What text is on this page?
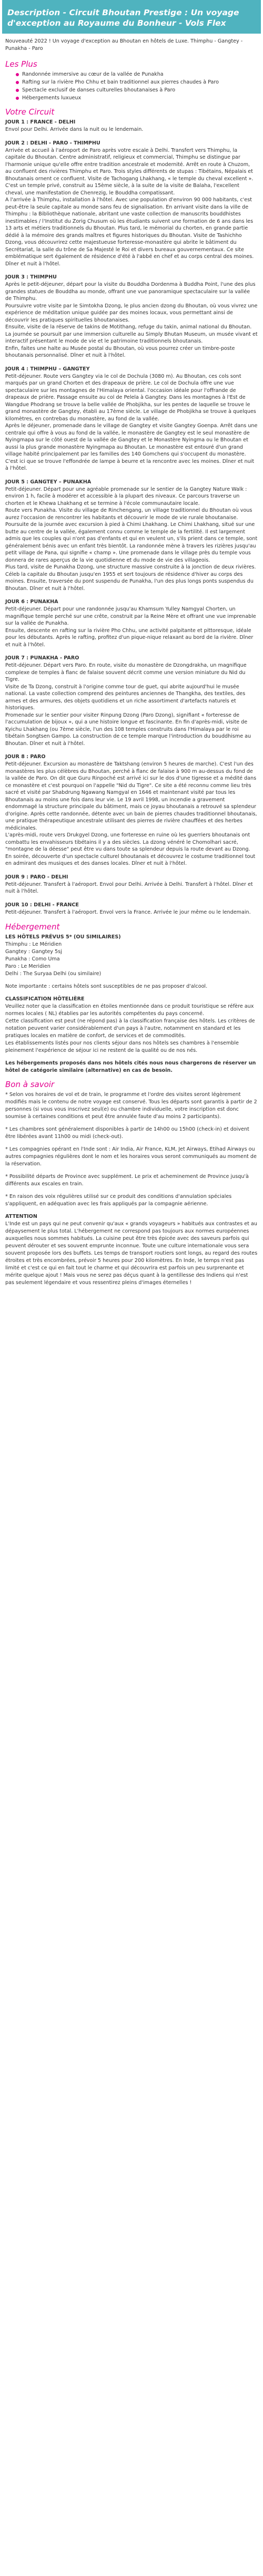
Description - Circuit Bhoutan Prestige : Un voyage d'exception au Royaume du Bonheur - Vols Flex
Nouveauté 2022 ! Un voyage d'exception au Bhoutan en hôtels de Luxe. Thimphu - Gangtey - Punakha - Paro
Les Plus
Randonnée immersive au cœur de la vallée de Punakha
Rafting sur la rivière Pho Chhu et bain traditionnel aux pierres chaudes à Paro
Spectacle exclusif de danses culturelles bhoutanaises à Paro
Hébergements luxueux
Votre Circuit
JOUR 1 : FRANCE - DELHI
Envol pour Delhi. Arrivée dans la nuit ou le lendemain.
JOUR 2 : DELHI - PARO - THIMPHU
Arrivée et accueil à l'aéroport de Paro après votre escale à Delhi. Transfert vers Thimphu, la capitale du Bhoutan. Centre administratif, religieux et commercial, Thimphu se distingue par l'harmonie unique qu'elle offre entre tradition ancestrale et modernité. Arrêt en route à Chuzom, au confluent des rivières Thimphu et Paro. Trois styles différents de stupas : Tibétains, Népalais et Bhoutanais ornent ce confluent. Visite de Tachogang Lhakhang, « le temple du cheval excellent ». C'est un temple privé, construit au 15ème siècle, à la suite de la visite de Balaha, l'excellent cheval, une manifestation de Chenrezig, le Bouddha compatissant.
A l'arrivée à Thimphu, installation à l'hôtel. Avec une population d'environ 90 000 habitants, c'est peut-être la seule capitale au monde sans feu de signalisation. En arrivant visite dans la ville de Thimphu : la Bibliothèque nationale, abritant une vaste collection de manuscrits bouddhistes inestimables / l'Institut du Zorig Chusum où les étudiants suivent une formation de 6 ans dans les 13 arts et métiers traditionnels du Bhoutan. Plus tard, le mémorial du chorten, en grande partie dédié à la mémoire des grands maîtres et figures historiques du Bhoutan. Visite de Tashichho Dzong, vous découvrirez cette majestueuse forteresse-monastère qui abrite le bâtiment du Secrétariat, la salle du trône de Sa Majesté le Roi et divers bureaux gouvernementaux. Ce site emblématique sert également de résidence d'été à l'abbé en chef et au corps central des moines. Dîner et nuit à l'hôtel.
JOUR 3 : THIMPHU
Après le petit-déjeuner, départ pour la visite du Bouddha Dordenma à Buddha Point, l'une des plus grandes statues de Bouddha au monde, offrant une vue panoramique spectaculaire sur la vallée de Thimphu.
Poursuivre votre visite par le Simtokha Dzong, le plus ancien dzong du Bhoutan, où vous vivrez une expérience de méditation unique guidée par des moines locaux, vous permettant ainsi de découvrir les pratiques spirituelles bhoutanaises.
Ensuite, visite de la réserve de takins de Motithang, refuge du takin, animal national du Bhoutan. La journée se poursuit par une immersion culturelle au Simply Bhutan Museum, un musée vivant et interactif présentant le mode de vie et le patrimoine traditionnels bhoutanais.
Enfin, faites une halte au Musée postal du Bhoutan, où vous pourrez créer un timbre-poste bhoutanais personnalisé. Dîner et nuit à l'hôtel.
JOUR 4 : THIMPHU – GANGTEY
Petit-déjeuner. Route vers Gangtey via le col de Dochula (3080 m). Au Bhoutan, ces cols sont marqués par un grand Chorten et des drapeaux de prière. Le col de Dochula offre une vue spectaculaire sur les montagnes de l'Himalaya oriental. l'occasion idéale pour l'offrande de drapeaux de prière. Passage ensuite au col de Pelela à Gangtey. Dans les montagnes à l'Est de Wangdue Phodrang se trouve la belle vallée de Phobjikha, sur les pentes de laquelle se trouve le grand monastère de Gangtey, établi au 17ème siècle. Le village de Phobjikha se trouve à quelques kilomètres, en contrebas du monastère, au fond de la vallée.
Après le déjeuner, promenade dans le village de Gangtey et visite Gangtey Goenpa. Arrêt dans une centrale qui offre à vous au fond de la vallée, le monastère de Gangtey est le seul monastère de Nyingmapa sur le côté ouest de la vallée de Gangtey et le Monastère Nyingma ou le Bhoutan et aussi la plus grande monastère Nyingmapa au Bhoutan. Le monastère est entouré d'un grand village habité principalement par les familles des 140 Gomchens qui s'occupent du monastère. C'est ici que se trouve l'effondrée de lampe à beurre et la rencontre avec les moines. Dîner et nuit à l'hôtel.
JOUR 5 : GANGTEY – PUNAKHA
Petit-déjeuner. Départ pour une agréable promenade sur le sentier de la Gangtey Nature Walk : environ 1 h, facile à modérer et accessible à la plupart des niveaux. Ce parcours traverse un chorten et le Khewa Lhakhang et se termine à l'école communautaire locale.
Route vers Punakha. Visite du village de Rinchengang, un village traditionnel du Bhoutan où vous aurez l'occasion de rencontrer les habitants et découvrir le mode de vie rurale bhoutanaise.
Poursuite de la journée avec excursion à pied à Chimi Lhakhang. Le Chimi Lhakhang, situé sur une butte au centre de la vallée, également connu comme le temple de la fertilité. Il est largement admis que les couples qui n'ont pas d'enfants et qui en veulent un, s'ils prient dans ce temple, sont généralement bénis avec un enfant très bientôt. La randonnée mène à travers les rizières jusqu'au petit village de Pana, qui signifie « champ ». Une promenade dans le village près du temple vous donnera de rares aperçus de la vie quotidienne et du mode de vie des villageois.
Plus tard, visite de Punakha Dzong, une structure massive construite à la jonction de deux rivières. Céleb la capitale du Bhoutan jusqu'en 1955 et sert toujours de résidence d'hiver au corps des moines. Ensuite, traversée du pont suspendu de Punakha, l'un des plus longs ponts suspendus du Bhoutan. Dîner et nuit à l'hôtel.
JOUR 6 : PUNAKHA
Petit-déjeuner. Départ pour une randonnée jusqu'au Khamsum Yulley Namgyal Chorten, un magnifique temple perché sur une crête, construit par la Reine Mère et offrant une vue imprenable sur la vallée de Punakha.
Ensuite, descente en rafting sur la rivière Pho Chhu, une activité palpitante et pittoresque, idéale pour les débutants. Après le rafting, profitez d'un pique-nique relaxant au bord de la rivière. Dîner et nuit à l'hôtel.
JOUR 7 : PUNAKHA - PARO
Petit-déjeuner. Départ vers Paro. En route, visite du monastère de Dzongdrakha, un magnifique complexe de temples à flanc de falaise souvent décrit comme une version miniature du Nid du Tigre.
Visite de Ta Dzong, construit à l'origine comme tour de guet, qui abrite aujourd'hui le musée national. La vaste collection comprend des peintures anciennes de Thangkha, des textiles, des armes et des armures, des objets quotidiens et un riche assortiment d'artefacts naturels et historiques.
Promenade sur le sentier pour visiter Rinpung Dzong (Paro Dzong), signifiant « forteresse de l'accumulation de bijoux », qui a une histoire longue et fascinante. En fin d'après-midi, visite de Kyichu Lhakhang (ou 7ème siècle, l'un des 108 temples construits dans l'Himalaya par le roi tibétain Songtsen Gampo. La construction de ce temple marque l'introduction du bouddhisme au Bhoutan. Dîner et nuit à l'hôtel.
JOUR 8 : PARO
Petit-déjeuner. Excursion au monastère de Taktshang (environ 5 heures de marche). C'est l'un des monastères les plus célèbres du Bhoutan, perché à flanc de falaise à 900 m au-dessus du fond de la vallée de Paro. On dit que Guru Rinpoché est arrivé ici sur le dos d'une tigresse et a médité dans ce monastère et c'est pourquoi on l'appelle "Nid du Tigre". Ce site a été reconnu comme lieu très sacré et visité par Shabdrung Ngawang Namgyal en 1646 et maintenant visité par tous les Bhoutanais au moins une fois dans leur vie. Le 19 avril 1998, un incendie a gravement endommagé la structure principale du bâtiment, mais ce joyau bhoutanais a retrouvé sa splendeur d'origine. Après cette randonnée, détente avec un bain de pierres chaudes traditionnel bhoutanais, une pratique thérapeutique ancestrale utilisant des pierres de rivière chauffées et des herbes médicinales.
L'après-midi, route vers Drukgyel Dzong, une forteresse en ruine où les guerriers bhoutanais ont combattu les envahisseurs tibétains il y a des siècles. La dzong vénéré le Chomolhari sacré, "montagne de la déesse" peut être vu dans toute sa splendeur depuis la route devant au Dzong.
En soirée, découverte d'un spectacle culturel bhoutanais et découvrez le costume traditionnel tout en admirant des musiques et des danses locales. Dîner et nuit à l'hôtel.
JOUR 9 : PARO - DELHI
Petit-déjeuner. Transfert à l'aéroport. Envol pour Delhi. Arrivée à Delhi. Transfert à l'hôtel. Dîner et nuit à l'hôtel.
JOUR 10 : DELHI - FRANCE
Petit-déjeuner. Transfert à l'aéroport. Envol vers la France. Arrivée le jour même ou le lendemain.
Hébergement

LES HÔTELS PRÉVUS 5* (OU SIMILAIRES)

Thimphu : Le Méridien

Gangtey : Gangtey 5sj

Punakha : Como Uma

Paro : Le Meridien

Delhi : The Suryaa Delhi (ou similaire)

Note importante : certains hôtels sont susceptibles de ne pas proposer d'alcool.

CLASSIFICATION HÔTELIÈRE

Veuillez noter que la classification en étoiles mentionnée dans ce produit touristique se réfère aux normes locales ( NL) établies par les autorités compétentes du pays concerné.
Cette classification est peut (ne répond pas) à la classification française des hôtels. Les critères de notation peuvent varier considérablement d'un pays à l'autre, notamment en standard et les pratiques locales en matière de confort, de services et de commodités.
Les établissements listés pour nos clients séjour dans nos hôtels ses chambres à l'ensemble pleinement l'expérience de séjour ici ne restent de la qualité ou de nos nés.

Les hébergements proposés dans nos hôtels cités nous nous chargerons de réserver un hôtel de catégorie similaire (alternative) en cas de besoin.

Bon à savoir

* Selon vos horaires de vol et de train, le programme et l'ordre des visites seront légèrement modifiés mais le contenu de notre voyage est conservé. Tous les départs sont garantis à partir de 2 personnes (si vous vous inscrivez seul(e) ou chambre individuelle, votre inscription est donc soumise à certaines conditions et peut être annulée faute d'au moins 2 participants).

* Les chambres sont généralement disponibles à partir de 14h00 ou 15h00 (check-in) et doivent être libérées avant 11h00 ou midi (check-out).

* Les compagnies opérant en l'Inde sont : Air India, Air France, KLM, Jet Airways, Etihad Airways ou autres compagnies régulières dont le nom et les horaires vous seront communiqués au moment de la réservation.

* Possibilité départs de Province avec supplément. Le prix et acheminement de Province jusqu'à différents aux escales en train.

* En raison des voix régulières utilisé sur ce produit des conditions d'annulation spéciales s'appliquent, en adéquation avec les frais appliqués par la compagnie aérienne.

ATTENTION

L'Inde est un pays qui ne peut convenir qu'aux « grands voyageurs » habitués aux contrastes et au dépaysement le plus total. L'hébergement ne correspond pas toujours aux normes européennes auxquelles nous sommes habitués. La cuisine peut être très épicée avec des saveurs parfois qui peuvent dérouter et ses souvent emprunte inconnue. Toute une culture internationale vous sera souvent proposée lors des buffets. Les temps de transport routiers sont longs, au regard des routes étroites et très encombrées, prévoir 5 heures pour 200 kilomètres. En Inde, le temps n'est pas limité et c'est ce qui en fait tout le charme et qui découvrira est parfois un peu surprenante et mérite quelque ajout ! Mais vous ne serez pas déçus quant à la gentillesse des Indiens qui n'est pas seulement légendaire et vous ressentirez pleins d'images éternelles !
